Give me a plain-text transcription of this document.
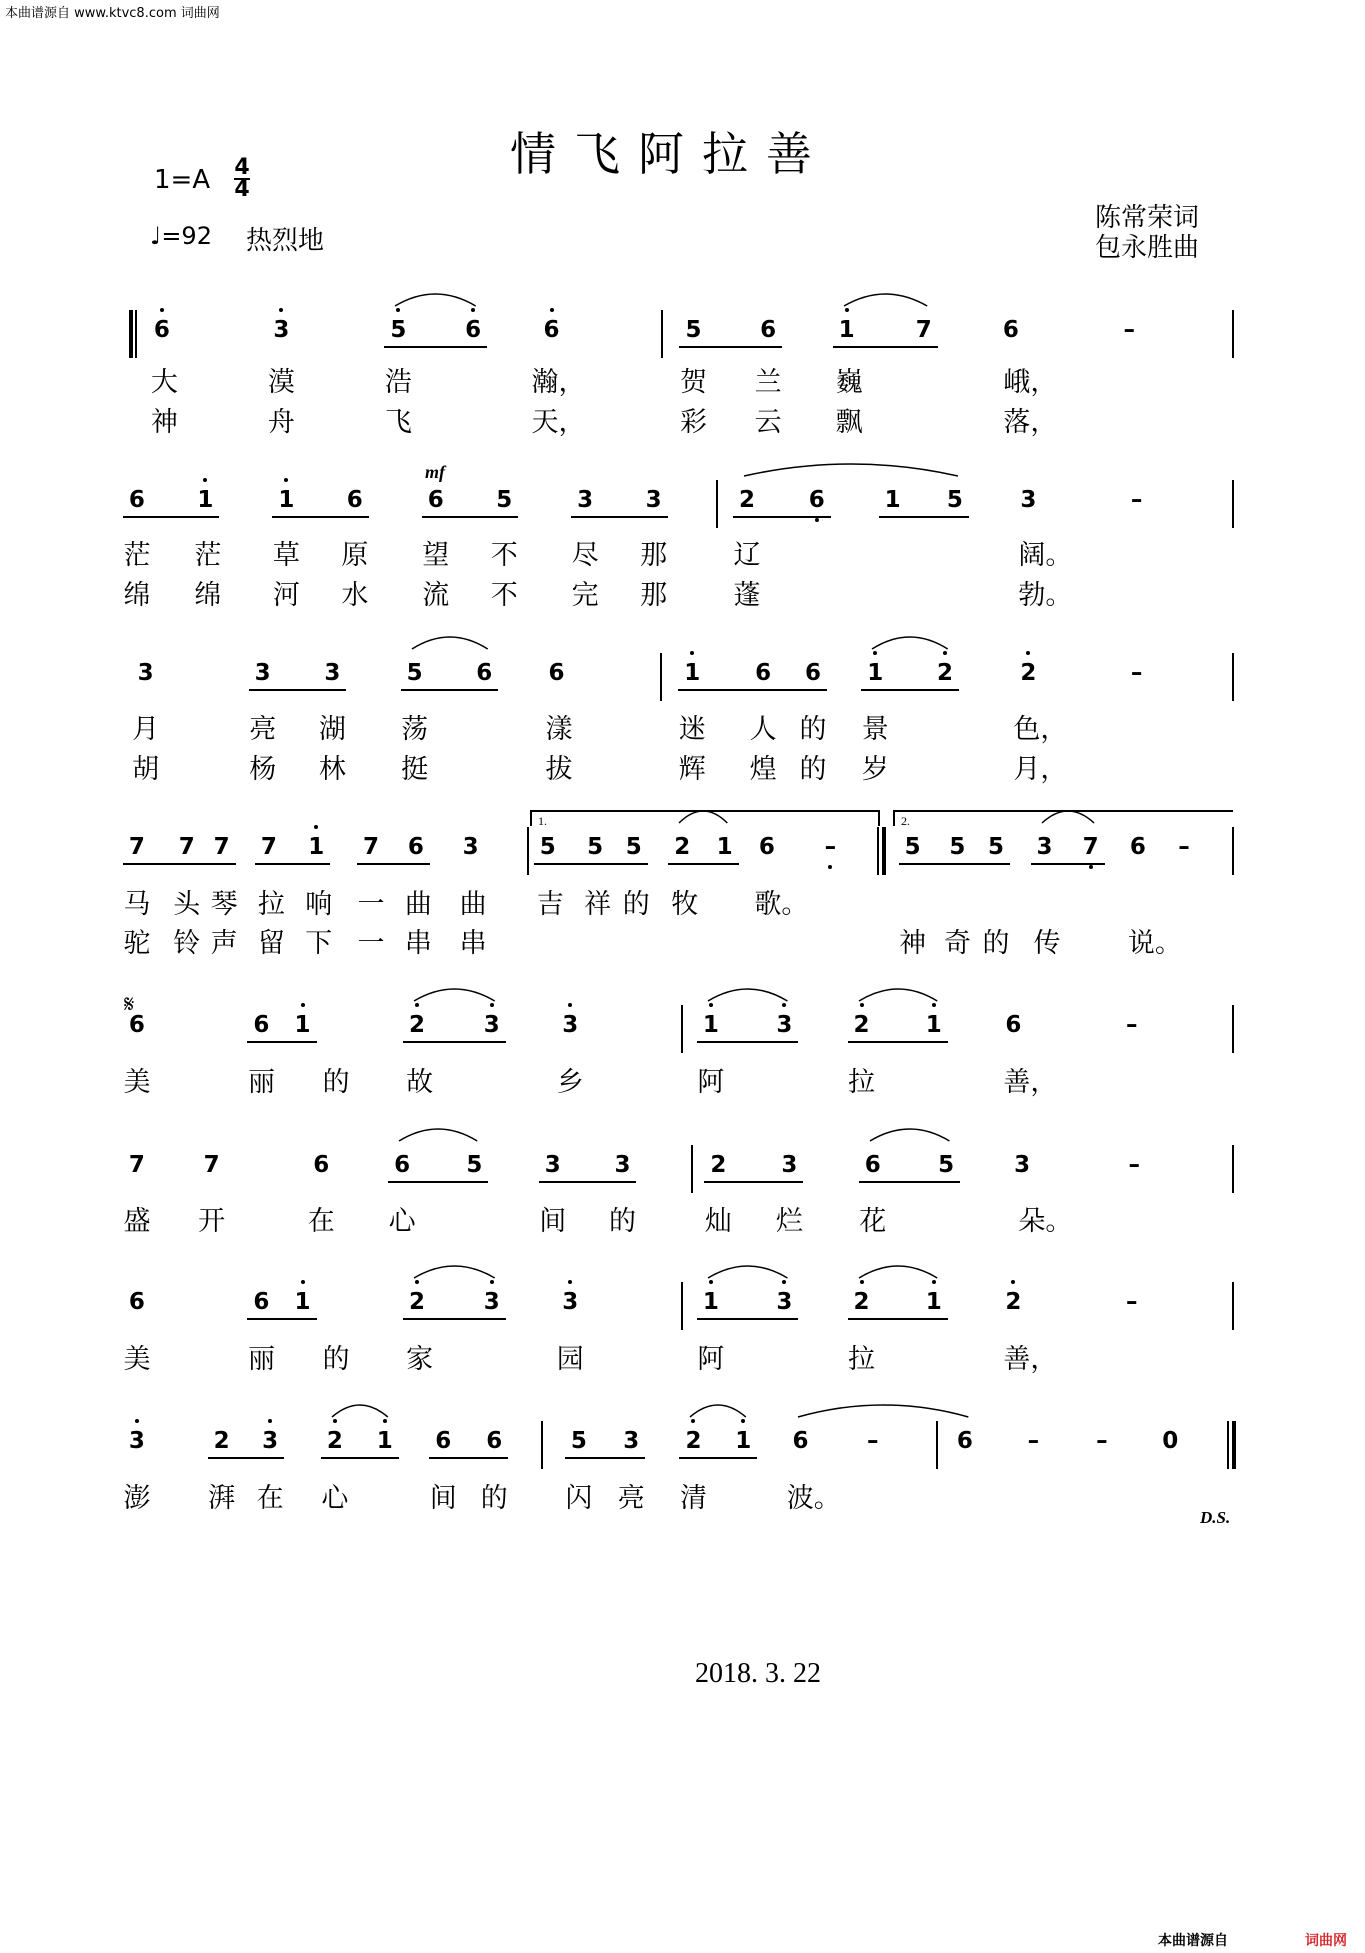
本曲谱源自 www.ktvc8.com 词曲网
情飞阿拉善
1=A 4
4
♩=92 热烈地
陈常荣词
包永胜曲
6	3	5	6	6	5	6	1	7	6	–
大	漠	浩	瀚，	贺 兰 巍	峨，
神	舟	飞	天，	彩 云 飘	落，
6	1	1	6	6	5	3	3	2	6	1	5	3	–
茫 茫 草 原 望 不 尽 那 辽	阔。
绵 绵 河 水 流 不 完 那 蓬	勃。
3	3	3	5	6	6	1	6	6	1	2	2	–
月	亮 湖 荡	漾	迷 人 的 景	色，
胡	杨 林 挺	拔	辉 煌 的 岁	月，
7	7 7	7	1	7	6	3	5	5 5	2	1	6	–	5	5 5	3	7	6	–
马 头 琴 拉 响 一 曲 曲 吉 祥 的 牧 歌。
驼 铃 声 留 下 一 串 串	神 奇 的 传 说。
6	6	1	2	3	3	1	3	2	1	6	–
美	丽 的 故	乡	阿	拉	善，
7	7	6	6	5	3	3	2	3	6	5	3	–
盛 开	在 心	间 的	灿 烂 花	朵。
6	6	1	2	3	3	1	3	2	1	2	–
美	丽 的 家	园	阿	拉	善，
3	2	3	2	1	6	6	5	3	2	1	6	–	6	–	–	0
澎 湃 在 心	间 的 闪 亮 清	波。
mf
𝄋
D.S.
2018. 3. 22
本曲谱源自	词曲网
1.	2.
